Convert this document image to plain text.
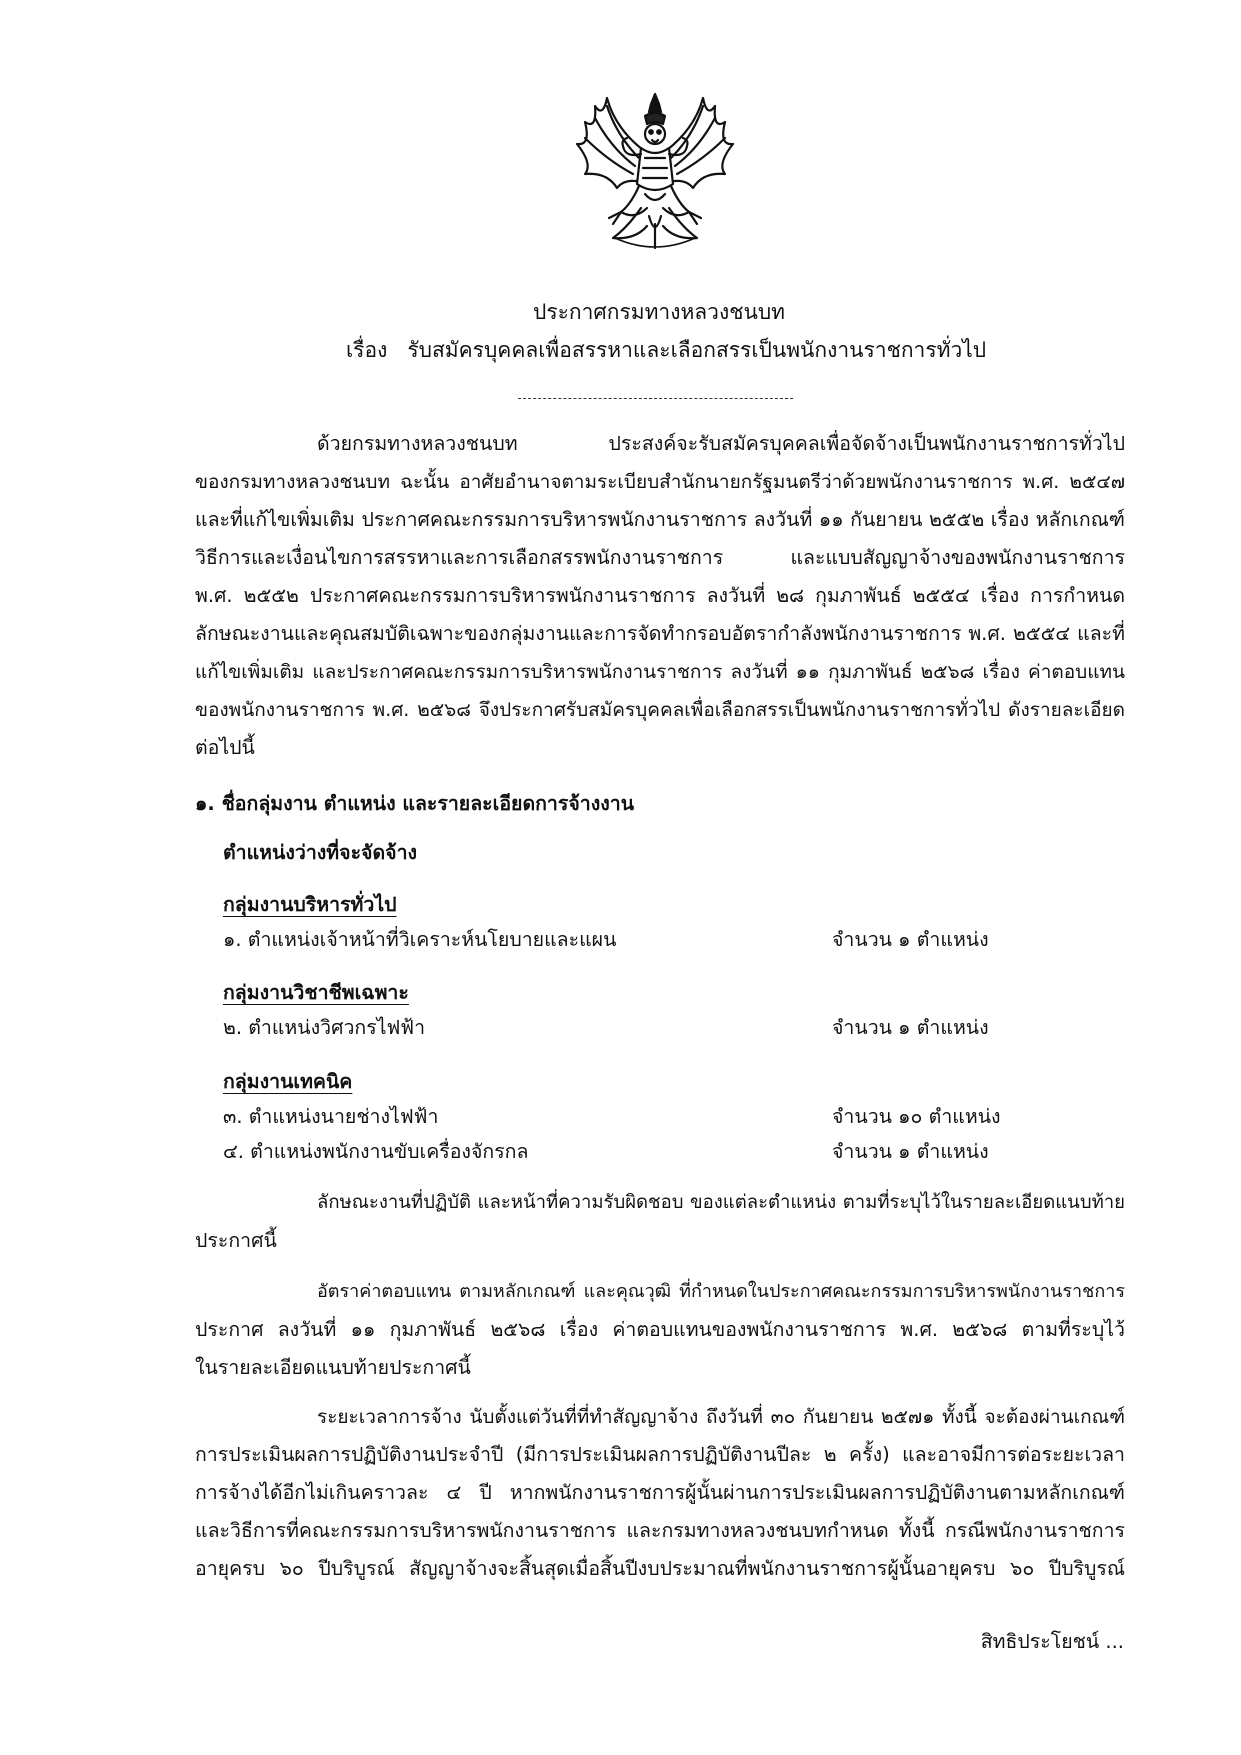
ประกาศกรมทางหลวงชนบท
เรื่อง รับสมัครบุคคลเพื่อสรรหาและเลือกสรรเป็นพนักงานราชการทั่วไป
ด้วยกรมทางหลวงชนบท ประสงค์จะรับสมัครบุคคลเพื่อจัดจ้างเป็นพนักงานราชการทั่วไป
ของกรมทางหลวงชนบท ฉะนั้น อาศัยอำนาจตามระเบียบสำนักนายกรัฐมนตรีว่าด้วยพนักงานราชการ พ.ศ. ๒๕๔๗
และที่แก้ไขเพิ่มเติม ประกาศคณะกรรมการบริหารพนักงานราชการ ลงวันที่ ๑๑ กันยายน ๒๕๕๒ เรื่อง หลักเกณฑ์
วิธีการและเงื่อนไขการสรรหาและการเลือกสรรพนักงานราชการ และแบบสัญญาจ้างของพนักงานราชการ
พ.ศ. ๒๕๕๒ ประกาศคณะกรรมการบริหารพนักงานราชการ ลงวันที่ ๒๘ กุมภาพันธ์ ๒๕๕๔ เรื่อง การกำหนด
ลักษณะงานและคุณสมบัติเฉพาะของกลุ่มงานและการจัดทำกรอบอัตรากำลังพนักงานราชการ พ.ศ. ๒๕๕๔ และที่
แก้ไขเพิ่มเติม และประกาศคณะกรรมการบริหารพนักงานราชการ ลงวันที่ ๑๑ กุมภาพันธ์ ๒๕๖๘ เรื่อง ค่าตอบแทน
ของพนักงานราชการ พ.ศ. ๒๕๖๘ จึงประกาศรับสมัครบุคคลเพื่อเลือกสรรเป็นพนักงานราชการทั่วไป ดังรายละเอียด
ต่อไปนี้
๑. ชื่อกลุ่มงาน ตำแหน่ง และรายละเอียดการจ้างงาน
ตำแหน่งว่างที่จะจัดจ้าง
กลุ่มงานบริหารทั่วไป
๑. ตำแหน่งเจ้าหน้าที่วิเคราะห์นโยบายและแผน	จำนวน ๑ ตำแหน่ง
กลุ่มงานวิชาชีพเฉพาะ
๒. ตำแหน่งวิศวกรไฟฟ้า	จำนวน ๑ ตำแหน่ง
กลุ่มงานเทคนิค
๓. ตำแหน่งนายช่างไฟฟ้า	จำนวน ๑๐ ตำแหน่ง
๔. ตำแหน่งพนักงานขับเครื่องจักรกล	จำนวน ๑ ตำแหน่ง
ลักษณะงานที่ปฏิบัติ และหน้าที่ความรับผิดชอบ ของแต่ละตำแหน่ง ตามที่ระบุไว้ในรายละเอียดแนบท้าย
ประกาศนี้
อัตราค่าตอบแทน ตามหลักเกณฑ์ และคุณวุฒิ ที่กำหนดในประกาศคณะกรรมการบริหารพนักงานราชการ
ประกาศ ลงวันที่ ๑๑ กุมภาพันธ์ ๒๕๖๘ เรื่อง ค่าตอบแทนของพนักงานราชการ พ.ศ. ๒๕๖๘ ตามที่ระบุไว้
ในรายละเอียดแนบท้ายประกาศนี้
ระยะเวลาการจ้าง นับตั้งแต่วันที่ที่ทำสัญญาจ้าง ถึงวันที่ ๓๐ กันยายน ๒๕๗๑ ทั้งนี้ จะต้องผ่านเกณฑ์
การประเมินผลการปฏิบัติงานประจำปี (มีการประเมินผลการปฏิบัติงานปีละ ๒ ครั้ง) และอาจมีการต่อระยะเวลา
การจ้างได้อีกไม่เกินคราวละ ๔ ปี หากพนักงานราชการผู้นั้นผ่านการประเมินผลการปฏิบัติงานตามหลักเกณฑ์
และวิธีการที่คณะกรรมการบริหารพนักงานราชการ และกรมทางหลวงชนบทกำหนด ทั้งนี้ กรณีพนักงานราชการ
อายุครบ ๖๐ ปีบริบูรณ์ สัญญาจ้างจะสิ้นสุดเมื่อสิ้นปีงบประมาณที่พนักงานราชการผู้นั้นอายุครบ ๖๐ ปีบริบูรณ์
สิทธิประโยชน์ ...
